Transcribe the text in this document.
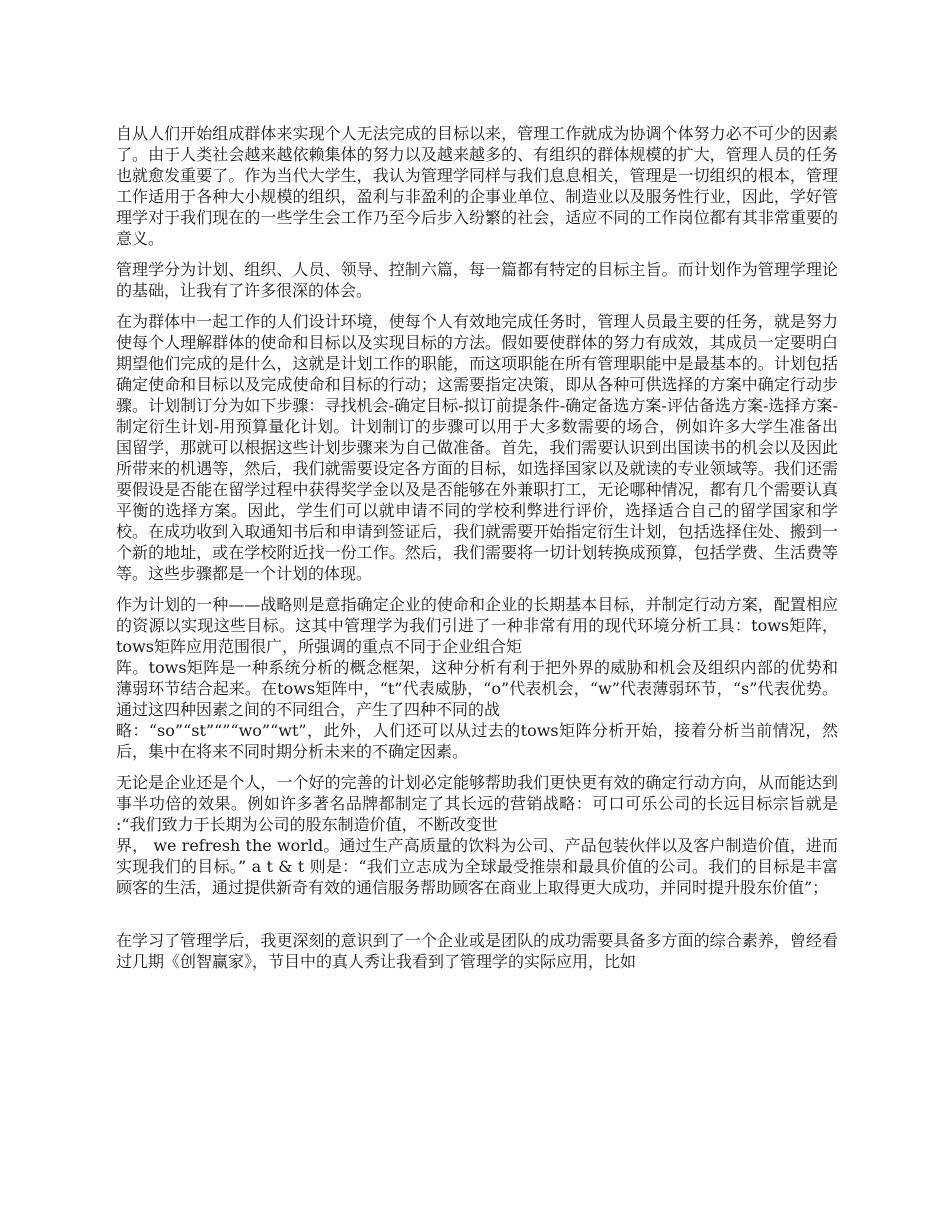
自从人们开始组成群体来实现个人无法完成的目标以来，管理工作就成为协调个体努力必不可少的因素了。由于人类社会越来越依赖集体的努力以及越来越多的、有组织的群体规模的扩大，管理人员的任务也就愈发重要了。作为当代大学生，我认为管理学同样与我们息息相关，管理是一切组织的根本，管理工作适用于各种大小规模的组织，盈利与非盈利的企事业单位、制造业以及服务性行业，因此，学好管理学对于我们现在的一些学生会工作乃至今后步入纷繁的社会，适应不同的工作岗位都有其非常重要的意义。

管理学分为计划、组织、人员、领导、控制六篇，每一篇都有特定的目标主旨。而计划作为管理学理论的基础，让我有了许多很深的体会。

在为群体中一起工作的人们设计环境，使每个人有效地完成任务时，管理人员最主要的任务，就是努力使每个人理解群体的使命和目标以及实现目标的方法。假如要使群体的努力有成效，其成员一定要明白期望他们完成的是什么，这就是计划工作的职能，而这项职能在所有管理职能中是最基本的。计划包括确定使命和目标以及完成使命和目标的行动；这需要指定决策，即从各种可供选择的方案中确定行动步骤。计划制订分为如下步骤：寻找机会-确定目标-拟订前提条件-确定备选方案-评估备选方案-选择方案-制定衍生计划-用预算量化计划。计划制订的步骤可以用于大多数需要的场合，例如许多大学生准备出国留学，那就可以根据这些计划步骤来为自己做准备。首先，我们需要认识到出国读书的机会以及因此所带来的机遇等，然后，我们就需要设定各方面的目标，如选择国家以及就读的专业领域等。我们还需要假设是否能在留学过程中获得奖学金以及是否能够在外兼职打工，无论哪种情况，都有几个需要认真平衡的选择方案。因此，学生们可以就申请不同的学校利弊进行评价，选择适合自己的留学国家和学校。在成功收到入取通知书后和申请到签证后，我们就需要开始指定衍生计划，包括选择住处、搬到一个新的地址，或在学校附近找一份工作。然后，我们需要将一切计划转换成预算，包括学费、生活费等等。这些步骤都是一个计划的体现。

作为计划的一种——战略则是意指确定企业的使命和企业的长期基本目标，并制定行动方案，配置相应的资源以实现这些目标。这其中管理学为我们引进了一种非常有用的现代环境分析工具：tows矩阵，tows矩阵应用范围很广，所强调的重点不同于企业组合矩
阵。tows矩阵是一种系统分析的概念框架，这种分析有利于把外界的威胁和机会及组织内部的优势和薄弱环节结合起来。在tows矩阵中，“t”代表威胁，“o”代表机会，“w”代表薄弱环节，“s”代表优势。通过这四种因素之间的不同组合，产生了四种不同的战
略：“so”“st”“”“wo”“wt”，此外，人们还可以从过去的tows矩阵分析开始，接着分析当前情况，然后，集中在将来不同时期分析未来的不确定因素。

无论是企业还是个人，一个好的完善的计划必定能够帮助我们更快更有效的确定行动方向，从而能达到事半功倍的效果。例如许多著名品牌都制定了其长远的营销战略：可口可乐公司的长远目标宗旨就是 :“我们致力于长期为公司的股东制造价值，不断改变世
界， we refresh the world。通过生产高质量的饮料为公司、产品包装伙伴以及客户制造价值，进而实现我们的目标。” a t & t 则是：“我们立志成为全球最受推崇和最具价值的公司。我们的目标是丰富顾客的生活，通过提供新奇有效的通信服务帮助顾客在商业上取得更大成功，并同时提升股东价值”；

在学习了管理学后，我更深刻的意识到了一个企业或是团队的成功需要具备多方面的综合素养，曾经看过几期《创智赢家》，节目中的真人秀让我看到了管理学的实际应用，比如
